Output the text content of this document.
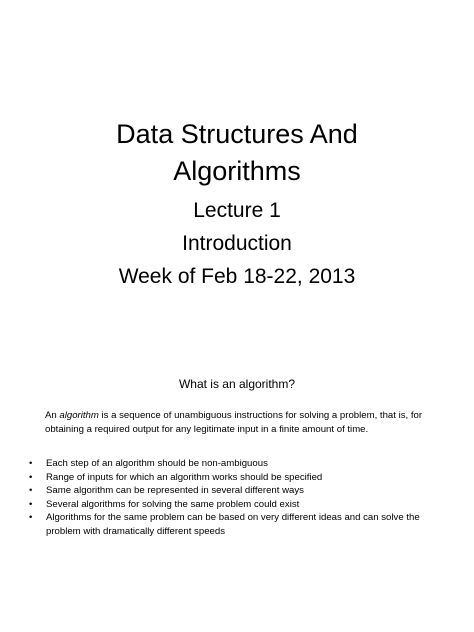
Data Structures And
Algorithms
Lecture 1
Introduction
Week of Feb 18-22, 2013
What is an algorithm?

An algorithm is a sequence of unambiguous instructions for solving a problem, that is, for obtaining a required output for any legitimate input in a finite amount of time.

• Each step of an algorithm should be non-ambiguous
• Range of inputs for which an algorithm works should be specified
• Same algorithm can be represented in several different ways
• Several algorithms for solving the same problem could exist
• Algorithms for the same problem can be based on very different ideas and can solve the problem with dramatically different speeds
